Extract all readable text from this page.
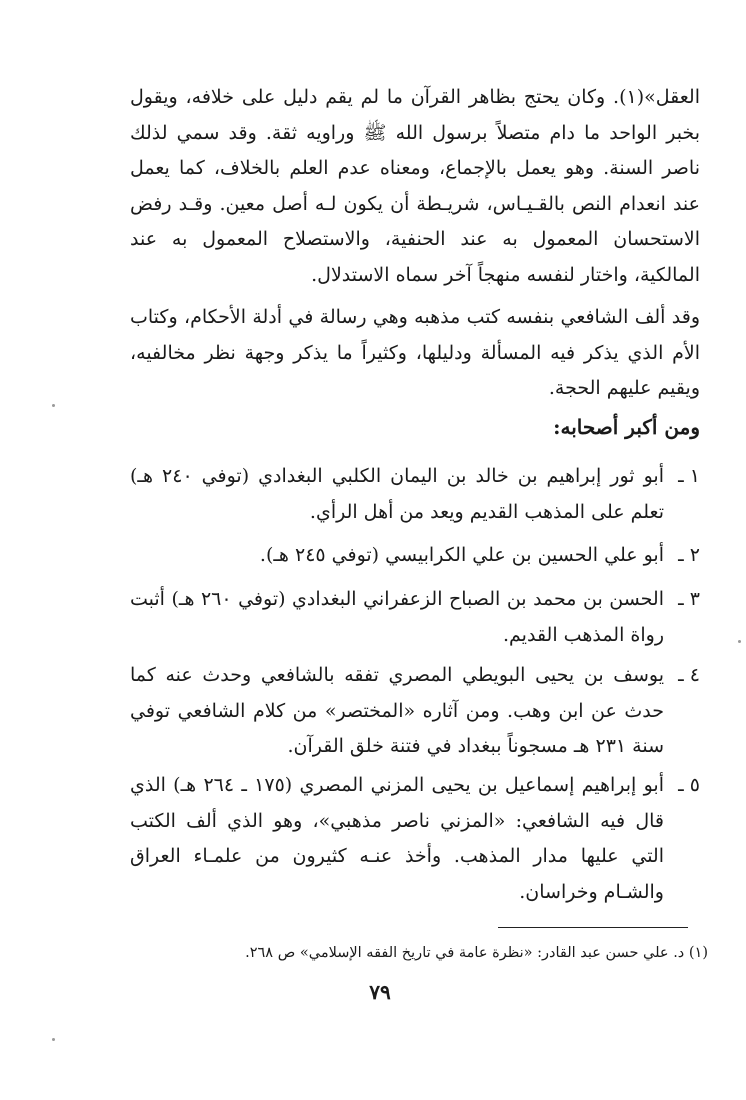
العقل»(١). وكان يحتج بظاهر القرآن ما لم يقم دليل على خلافه، ويقول بخبر الواحد ما دام متصلاً برسول الله ﷺ وراويه ثقة. وقد سمي لذلك ناصر السنة. وهو يعمل بالإجماع، ومعناه عدم العلم بالخلاف، كما يعمل عند انعدام النص بالقـيـاس، شريـطة أن يكون لـه أصل معين. وقـد رفض الاستحسان المعمول به عند الحنفية، والاستصلاح المعمول به عند المالكية، واختار لنفسه منهجاً آخر سماه الاستدلال.

وقد ألف الشافعي بنفسه كتب مذهبه وهي رسالة في أدلة الأحكام، وكتاب الأم الذي يذكر فيه المسألة ودليلها، وكثيراً ما يذكر وجهة نظر مخالفيه، ويقيم عليهم الحجة.

ومن أكبر أصحابه:
١ ـ
أبو ثور إبراهيم بن خالد بن اليمان الكلبي البغدادي (توفي ٢٤٠ هـ) تعلم على المذهب القديم ويعد من أهل الرأي.
٢ ـ
أبو علي الحسين بن علي الكرابيسي (توفي ٢٤٥ هـ).
٣ ـ
الحسن بن محمد بن الصباح الزعفراني البغدادي (توفي ٢٦٠ هـ) أثبت رواة المذهب القديم.
٤ ـ
يوسف بن يحيى البويطي المصري تفقه بالشافعي وحدث عنه كما حدث عن ابن وهب. ومن آثاره «المختصر» من كلام الشافعي توفي سنة ٢٣١ هـ مسجوناً ببغداد في فتنة خلق القرآن.
٥ ـ
أبو إبراهيم إسماعيل بن يحيى المزني المصري (١٧٥ ـ ٢٦٤ هـ) الذي قال فيه الشافعي: «المزني ناصر مذهبي»، وهو الذي ألف الكتب التي عليها مدار المذهب. وأخذ عنـه كثيرون من علمـاء العراق والشـام وخراسان.
(١) د. علي حسن عبد القادر: «نظرة عامة في تاريخ الفقه الإسلامي» ص ٢٦٨.
٧٩
